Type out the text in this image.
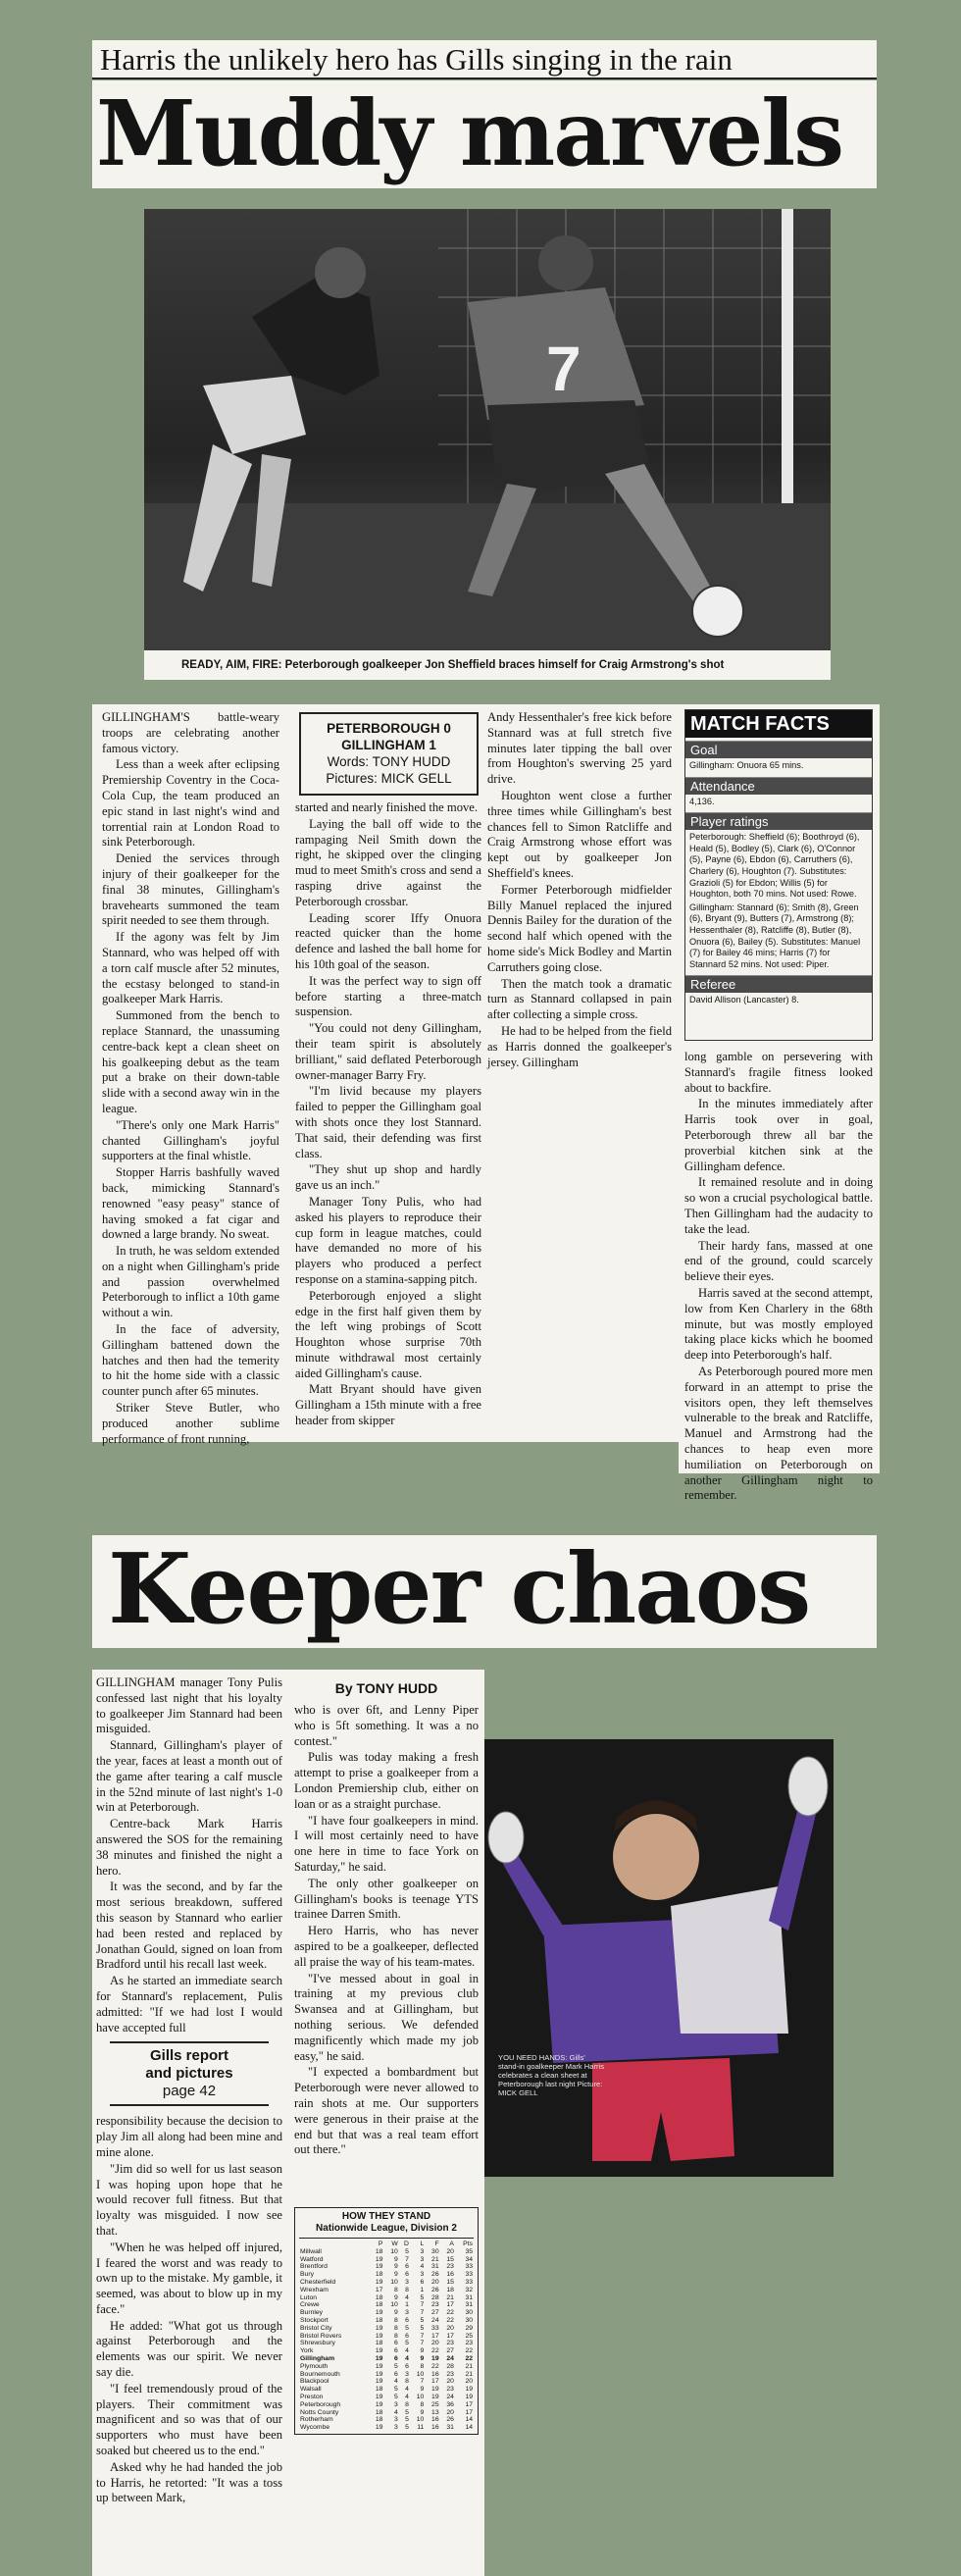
Harris the unlikely hero has Gills singing in the rain
Muddy marvels
7
READY, AIM, FIRE: Peterborough goalkeeper Jon Sheffield braces himself for Craig Armstrong's shot

GILLINGHAM'S battle-weary troops are celebrating another famous victory.

Less than a week after eclipsing Premiership Coventry in the Coca-Cola Cup, the team produced an epic stand in last night's wind and torrential rain at London Road to sink Peterborough.

Denied the services through injury of their goalkeeper for the final 38 minutes, Gillingham's bravehearts summoned the team spirit needed to see them through.

If the agony was felt by Jim Stannard, who was helped off with a torn calf muscle after 52 minutes, the ecstasy belonged to stand-in goalkeeper Mark Harris.

Summoned from the bench to replace Stannard, the unassuming centre-back kept a clean sheet on his goalkeeping debut as the team put a brake on their down-table slide with a second away win in the league.

"There's only one Mark Harris" chanted Gillingham's joyful supporters at the final whistle.

Stopper Harris bashfully waved back, mimicking Stannard's renowned "easy peasy" stance of having smoked a fat cigar and downed a large brandy. No sweat.

In truth, he was seldom extended on a night when Gillingham's pride and passion overwhelmed Peterborough to inflict a 10th game without a win.

In the face of adversity, Gillingham battened down the hatches and then had the temerity to hit the home side with a classic counter punch after 65 minutes.

Striker Steve Butler, who produced another sublime performance of front running,

started and nearly finished the move.

Laying the ball off wide to the rampaging Neil Smith down the right, he skipped over the clinging mud to meet Smith's cross and send a rasping drive against the Peterborough crossbar.

Leading scorer Iffy Onuora reacted quicker than the home defence and lashed the ball home for his 10th goal of the season.

It was the perfect way to sign off before starting a three-match suspension.

"You could not deny Gillingham, their team spirit is absolutely brilliant," said deflated Peterborough owner-manager Barry Fry.

"I'm livid because my players failed to pepper the Gillingham goal with shots once they lost Stannard. That said, their defending was first class.

"They shut up shop and hardly gave us an inch."

Manager Tony Pulis, who had asked his players to reproduce their cup form in league matches, could have demanded no more of his players who produced a perfect response on a stamina-sapping pitch.

Peterborough enjoyed a slight edge in the first half given them by the left wing probings of Scott Houghton whose surprise 70th minute withdrawal most certainly aided Gillingham's cause.

Matt Bryant should have given Gillingham a 15th minute with a free header from skipper

Andy Hessenthaler's free kick before Stannard was at full stretch five minutes later tipping the ball over from Houghton's swerving 25 yard drive.

Houghton went close a further three times while Gillingham's best chances fell to Simon Ratcliffe and Craig Armstrong whose effort was kept out by goalkeeper Jon Sheffield's knees.

Former Peterborough midfielder Billy Manuel replaced the injured Dennis Bailey for the duration of the second half which opened with the home side's Mick Bodley and Martin Carruthers going close.

Then the match took a dramatic turn as Stannard collapsed in pain after collecting a simple cross.

He had to be helped from the field as Harris donned the goalkeeper's jersey. Gillingham

PETERBOROUGH 0
GILLINGHAM 1
Words: TONY HUDD
Pictures: MICK GELL

long gamble on persevering with Stannard's fragile fitness looked about to backfire.

In the minutes immediately after Harris took over in goal, Peterborough threw all bar the proverbial kitchen sink at the Gillingham defence.

It remained resolute and in doing so won a crucial psychological battle. Then Gillingham had the audacity to take the lead.

Their hardy fans, massed at one end of the ground, could scarcely believe their eyes.

Harris saved at the second attempt, low from Ken Charlery in the 68th minute, but was mostly employed taking place kicks which he boomed deep into Peterborough's half.

As Peterborough poured more men forward in an attempt to prise the visitors open, they left themselves vulnerable to the break and Ratcliffe, Manuel and Armstrong had the chances to heap even more humiliation on Peterborough on another Gillingham night to remember.

MATCH FACTS
Goal
Gillingham: Onuora 65 mins.
Attendance
4,136.
Player ratings
Peterborough: Sheffield (6); Boothroyd (6), Heald (5), Bodley (5), Clark (6), O'Connor (5), Payne (6), Ebdon (6), Carruthers (6), Charlery (6), Houghton (7). Substitutes: Grazioli (5) for Ebdon; Willis (5) for Houghton, both 70 mins. Not used: Rowe.
Gillingham: Stannard (6); Smith (8), Green (6), Bryant (9), Butters (7), Armstrong (8); Hessenthaler (8), Ratcliffe (8), Butler (8), Onuora (6), Bailey (5). Substitutes: Manuel (7) for Bailey 46 mins; Harris (7) for Stannard 52 mins. Not used: Piper.
Referee
David Allison (Lancaster) 8.
Keeper chaos

GILLINGHAM manager Tony Pulis confessed last night that his loyalty to goalkeeper Jim Stannard had been misguided.

Stannard, Gillingham's player of the year, faces at least a month out of the game after tearing a calf muscle in the 52nd minute of last night's 1-0 win at Peterborough.

Centre-back Mark Harris answered the SOS for the remaining 38 minutes and finished the night a hero.

It was the second, and by far the most serious breakdown, suffered this season by Stannard who earlier had been rested and replaced by Jonathan Gould, signed on loan from Bradford until his recall last week.

As he started an immediate search for Stannard's replacement, Pulis admitted: "If we had lost I would have accepted full

Gills report
and pictures
page 42

responsibility because the decision to play Jim all along had been mine and mine alone.

"Jim did so well for us last season I was hoping upon hope that he would recover full fitness. But that loyalty was misguided. I now see that.

"When he was helped off injured, I feared the worst and was ready to own up to the mistake. My gamble, it seemed, was about to blow up in my face."

He added: "What got us through against Peterborough and the elements was our spirit. We never say die.

"I feel tremendously proud of the players. Their commitment was magnificent and so was that of our supporters who must have been soaked but cheered us to the end."

Asked why he had handed the job to Harris, he retorted: "It was a toss up between Mark,

By TONY HUDD

who is over 6ft, and Lenny Piper who is 5ft something. It was a no contest."

Pulis was today making a fresh attempt to prise a goalkeeper from a London Premiership club, either on loan or as a straight purchase.

"I have four goalkeepers in mind. I will most certainly need to have one here in time to face York on Saturday," he said.

The only other goalkeeper on Gillingham's books is teenage YTS trainee Darren Smith.

Hero Harris, who has never aspired to be a goalkeeper, deflected all praise the way of his team-mates.

"I've messed about in goal in training at my previous club Swansea and at Gillingham, but nothing serious. We defended magnificently which made my job easy," he said.

"I expected a bombardment but Peterborough were never allowed to rain shots at me. Our supporters were generous in their praise at the end but that was a real team effort out there."

HOW THEY STAND
Nationwide League, Division 2
	P	W	D	L	F	A	Pts
Millwall	18	10	5	3	30	20	35
Watford	19	9	7	3	21	15	34
Brentford	19	9	6	4	31	23	33
Bury	18	9	6	3	26	16	33
Chesterfield	19	10	3	6	20	15	33
Wrexham	17	8	8	1	26	18	32
Luton	18	9	4	5	28	21	31
Crewe	18	10	1	7	23	17	31
Burnley	19	9	3	7	27	22	30
Stockport	18	8	6	5	24	22	30
Bristol City	19	8	5	5	33	20	29
Bristol Rovers	19	8	6	7	17	17	25
Shrewsbury	18	6	5	7	20	23	23
York	19	6	4	9	22	27	22
Gillingham	19	6	4	9	19	24	22
Plymouth	19	5	6	8	22	28	21
Bournemouth	19	6	3	10	16	23	21
Blackpool	19	4	8	7	17	20	20
Walsall	18	5	4	9	19	23	19
Preston	19	5	4	10	19	24	19
Peterborough	19	3	8	8	25	36	17
Notts County	18	4	5	9	13	20	17
Rotherham	18	3	5	10	16	26	14
Wycombe	19	3	5	11	16	31	14
YOU NEED HANDS: Gills' stand-in goalkeeper Mark Harris celebrates a clean sheet at Peterborough last night Picture: MICK GELL
